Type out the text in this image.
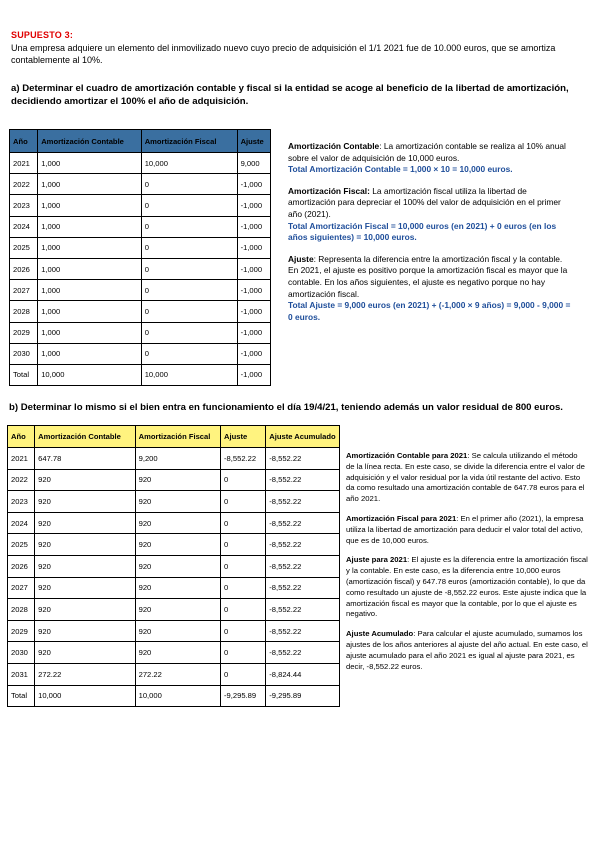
SUPUESTO 3:
Una empresa adquiere un elemento del inmovilizado nuevo cuyo precio de adquisición el 1/1 2021 fue de 10.000 euros, que se amortiza contablemente al 10%.
a) Determinar el cuadro de amortización contable y fiscal si la entidad se acoge al beneficio de la libertad de amortización, decidiendo amortizar el 100% el año de adquisición.
Año	Amortización Contable	Amortización Fiscal	Ajuste
2021	1,000	10,000	9,000
2022	1,000	0	-1,000
2023	1,000	0	-1,000
2024	1,000	0	-1,000
2025	1,000	0	-1,000
2026	1,000	0	-1,000
2027	1,000	0	-1,000
2028	1,000	0	-1,000
2029	1,000	0	-1,000
2030	1,000	0	-1,000
Total	10,000	10,000	-1,000
Amortización Contable: La amortización contable se realiza al 10% anual sobre el valor de adquisición de 10,000 euros.
Total Amortización Contable = 1,000 × 10 = 10,000 euros.
Amortización Fiscal: La amortización fiscal utiliza la libertad de amortización para depreciar el 100% del valor de adquisición en el primer año (2021).
Total Amortización Fiscal = 10,000 euros (en 2021) + 0 euros (en los años siguientes) = 10,000 euros.
Ajuste: Representa la diferencia entre la amortización fiscal y la contable. En 2021, el ajuste es positivo porque la amortización fiscal es mayor que la contable. En los años siguientes, el ajuste es negativo porque no hay amortización fiscal.
Total Ajuste = 9,000 euros (en 2021) + (-1,000 × 9 años) = 9,000 - 9,000 = 0 euros.
b) Determinar lo mismo si el bien entra en funcionamiento el día 19/4/21, teniendo además un valor residual de 800 euros.
Año	Amortización Contable	Amortización Fiscal	Ajuste	Ajuste Acumulado
2021	647.78	9,200	-8,552.22	-8,552.22
2022	920	920	0	-8,552.22
2023	920	920	0	-8,552.22
2024	920	920	0	-8,552.22
2025	920	920	0	-8,552.22
2026	920	920	0	-8,552.22
2027	920	920	0	-8,552.22
2028	920	920	0	-8,552.22
2029	920	920	0	-8,552.22
2030	920	920	0	-8,552.22
2031	272.22	272.22	0	-8,824.44
Total	10,000	10,000	-9,295.89	-9,295.89
Amortización Contable para 2021: Se calcula utilizando el método de la línea recta. En este caso, se divide la diferencia entre el valor de adquisición y el valor residual por la vida útil restante del activo. Esto da como resultado una amortización contable de 647.78 euros para el año 2021.
Amortización Fiscal para 2021: En el primer año (2021), la empresa utiliza la libertad de amortización para deducir el valor total del activo, que es de 10,000 euros.
Ajuste para 2021: El ajuste es la diferencia entre la amortización fiscal y la contable. En este caso, es la diferencia entre 10,000 euros (amortización fiscal) y 647.78 euros (amortización contable), lo que da como resultado un ajuste de -8,552.22 euros. Este ajuste indica que la amortización fiscal es mayor que la contable, por lo que el ajuste es negativo.
Ajuste Acumulado: Para calcular el ajuste acumulado, sumamos los ajustes de los años anteriores al ajuste del año actual. En este caso, el ajuste acumulado para el año 2021 es igual al ajuste para 2021, es decir, -8,552.22 euros.
